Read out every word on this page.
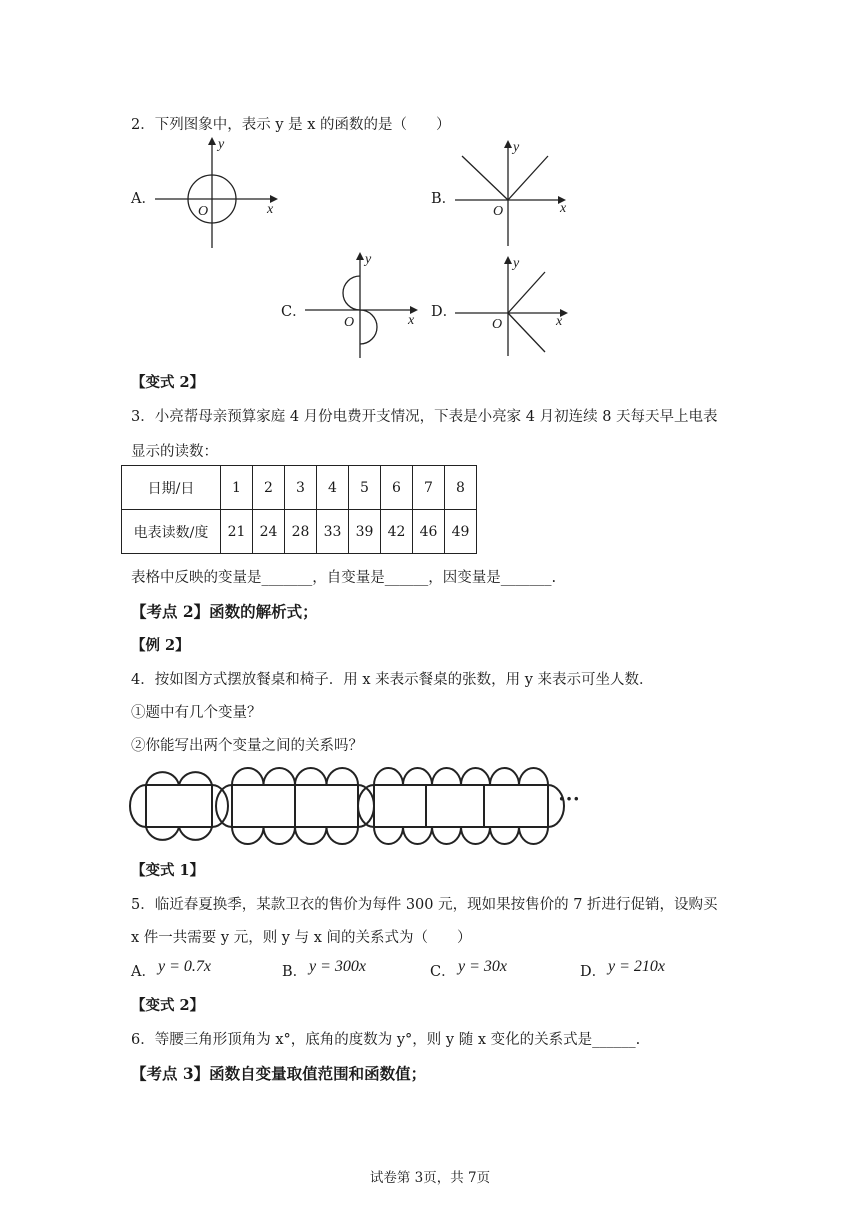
2．下列图象中，表示 y 是 x 的函数的是（　　）
A．
x
y
O
B．
x
y
O
C．
x
y
O
D．
x
y
O
【变式 2】
3．小亮帮母亲预算家庭 4 月份电费开支情况，下表是小亮家 4 月初连续 8 天每天早上电表
显示的读数：
日期/日	1	2	3	4	5	6	7	8
电表读数/度	21	24	28	33	39	42	46	49
表格中反映的变量是_______，自变量是______，因变量是_______.
【考点 2】函数的解析式；
【例 2】
4．按如图方式摆放餐桌和椅子．用 x 来表示餐桌的张数，用 y 来表示可坐人数．
①题中有几个变量？
②你能写出两个变量之间的关系吗？
···
【变式 1】
5．临近春夏换季，某款卫衣的售价为每件 300 元，现如果按售价的 7 折进行促销，设购买
x 件一共需要 y 元，则 y 与 x 间的关系式为（　　）
A． y = 0.7x	B． y = 300x	C． y = 30x	D． y = 210x
【变式 2】
6．等腰三角形顶角为 x°，底角的度数为 y°，则 y 随 x 变化的关系式是______.
【考点 3】函数自变量取值范围和函数值；
试卷第 3页，共 7页
